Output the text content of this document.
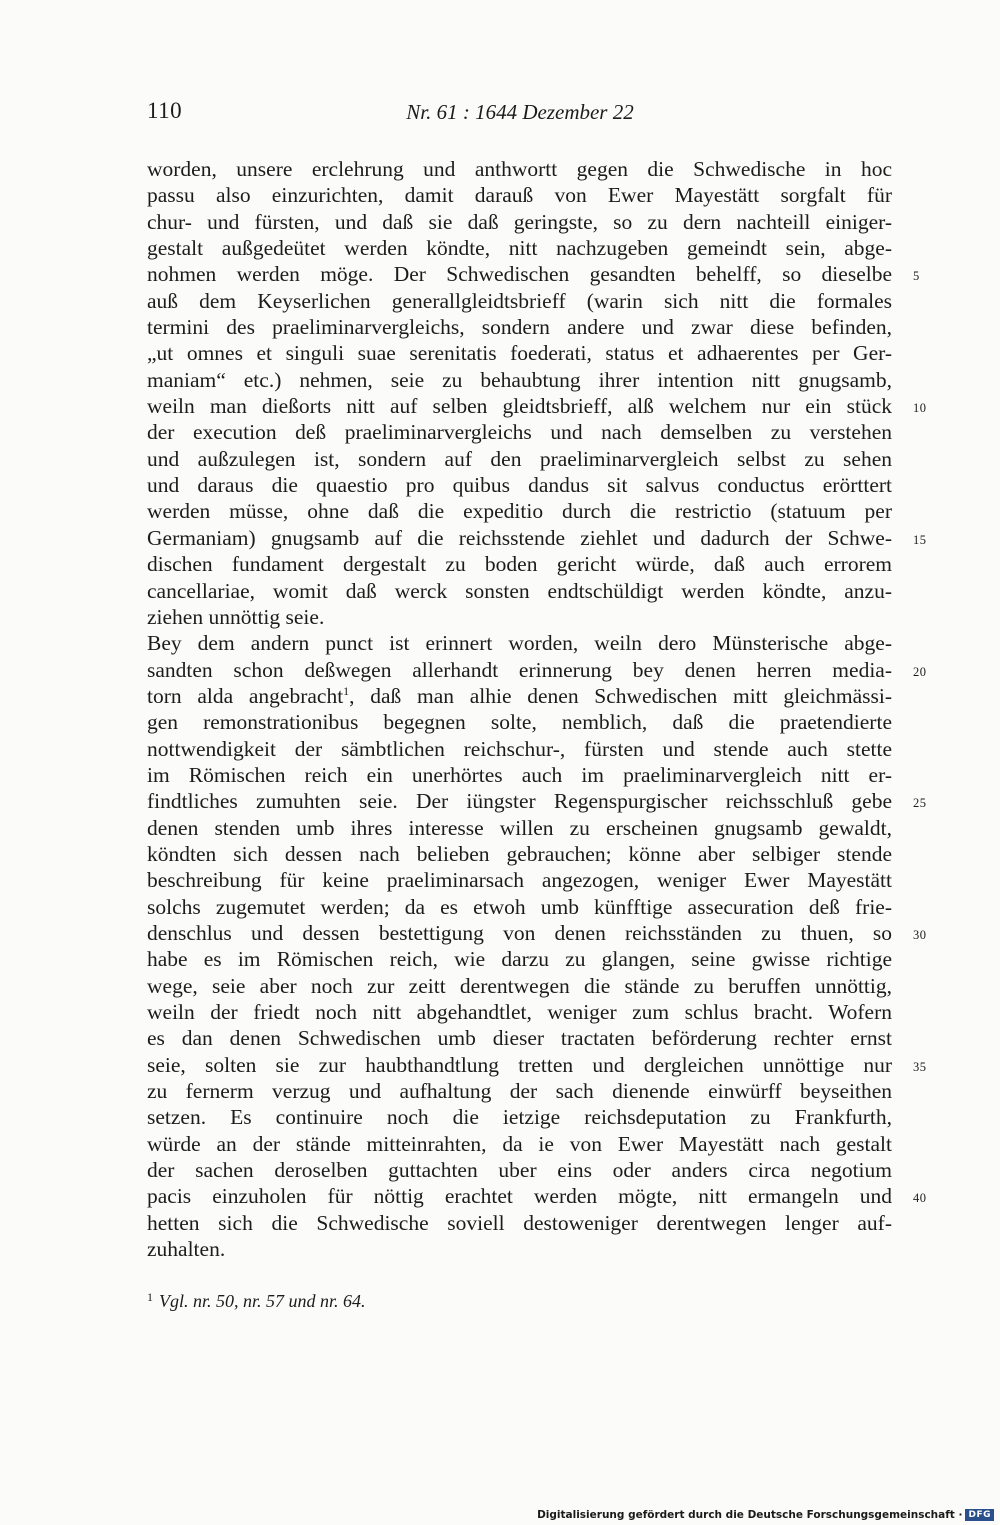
110	Nr. 61 : 1644 Dezember 22
worden, unsere erclehrung und anthwortt gegen die Schwedische in hoc
passu also einzurichten, damit darauß von Ewer Mayestätt sorgfalt für
chur- und fürsten, und daß sie daß geringste, so zu dern nachteill einiger-
gestalt außgedeütet werden köndte, nitt nachzugeben gemeindt sein, abge-
nohmen werden möge. Der Schwedischen gesandten behelff, so dieselbe 5
auß dem Keyserlichen generallgleidtsbrieff (warin sich nitt die formales
termini des praeliminarvergleichs, sondern andere und zwar diese befinden,
„ut omnes et singuli suae serenitatis foederati, status et adhaerentes per Ger-
maniam“ etc.) nehmen, seie zu behaubtung ihrer intention nitt gnugsamb,
weiln man dießorts nitt auf selben gleidtsbrieff, alß welchem nur ein stück 10
der execution deß praeliminarvergleichs und nach demselben zu verstehen
und außzulegen ist, sondern auf den praeliminarvergleich selbst zu sehen
und daraus die quaestio pro quibus dandus sit salvus conductus erörttert
werden müsse, ohne daß die expeditio durch die restrictio (statuum per
Germaniam) gnugsamb auf die reichsstende ziehlet und dadurch der Schwe- 15
dischen fundament dergestalt zu boden gericht würde, daß auch errorem
cancellariae, womit daß werck sonsten endtschüldigt werden köndte, anzu-
ziehen unnöttig seie.
Bey dem andern punct ist erinnert worden, weiln dero Münsterische abge-
sandten schon deßwegen allerhandt erinnerung bey denen herren media- 20
torn alda angebracht$^1$, daß man alhie denen Schwedischen mitt gleichmässi-
gen remonstrationibus begegnen solte, nemblich, daß die praetendierte
nottwendigkeit der sämbtlichen reichschur-, fürsten und stende auch stette
im Römischen reich ein unerhörtes auch im praeliminarvergleich nitt er-
findtliches zumuhten seie. Der iüngster Regenspurgischer reichsschluß gebe 25
denen stenden umb ihres interesse willen zu erscheinen gnugsamb gewaldt,
köndten sich dessen nach belieben gebrauchen; könne aber selbiger stende
beschreibung für keine praeliminarsach angezogen, weniger Ewer Mayestätt
solchs zugemutet werden; da es etwoh umb künfftige assecuration deß frie-
denschlus und dessen bestettigung von denen reichsständen zu thuen, so 30
habe es im Römischen reich, wie darzu zu glangen, seine gwisse richtige
wege, seie aber noch zur zeitt derentwegen die stände zu beruffen unnöttig,
weiln der friedt noch nitt abgehandtlet, weniger zum schlus bracht. Wofern
es dan denen Schwedischen umb dieser tractaten beförderung rechter ernst
seie, solten sie zur haubthandtlung tretten und dergleichen unnöttige nur 35
zu fernerm verzug und aufhaltung der sach dienende einwürff beyseithen
setzen. Es continuire noch die ietzige reichsdeputation zu Frankfurth,
würde an der stände mitteinrahten, da ie von Ewer Mayestätt nach gestalt
der sachen deroselben guttachten uber eins oder anders circa negotium
pacis einzuholen für nöttig erachtet werden mögte, nitt ermangeln und 40
hetten sich die Schwedische soviell destoweniger derentwegen lenger auf-
zuhalten.
$^1$ Vgl. nr. 50, nr. 57 und nr. 64.
Digitalisierung gefördert durch die Deutsche Forschungsgemeinschaft · DFG
